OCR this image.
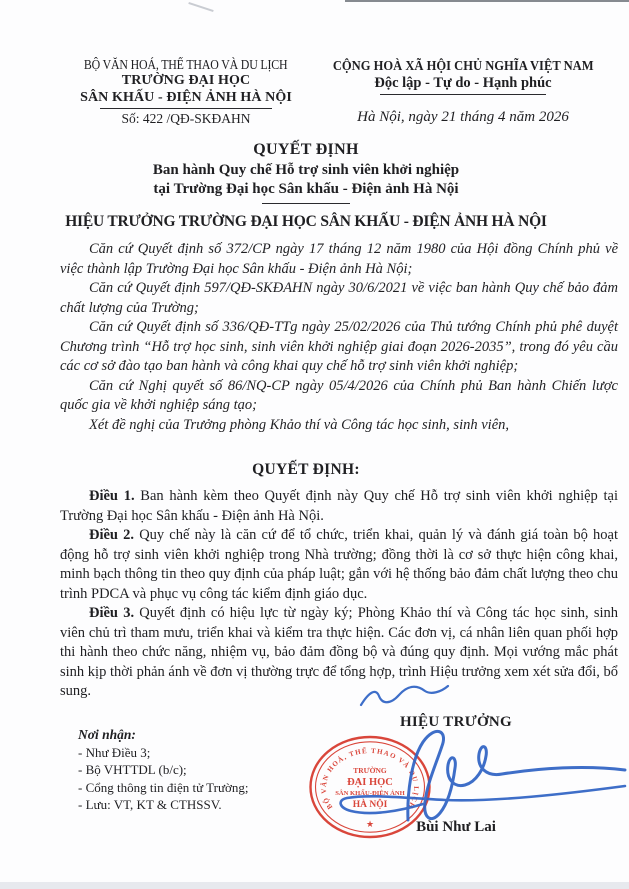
BỘ VĂN HOÁ, THỂ THAO VÀ DU LỊCH
TRƯỜNG ĐẠI HỌC
SÂN KHẤU - ĐIỆN ẢNH HÀ NỘI
Số: 422 /QĐ-SKĐAHN
CỘNG HOÀ XÃ HỘI CHỦ NGHĨA VIỆT NAM
Độc lập - Tự do - Hạnh phúc
Hà Nội, ngày 21 tháng 4 năm 2026
QUYẾT ĐỊNH
Ban hành Quy chế Hỗ trợ sinh viên khởi nghiệp
tại Trường Đại học Sân khấu - Điện ảnh Hà Nội
HIỆU TRƯỞNG TRƯỜNG ĐẠI HỌC SÂN KHẤU - ĐIỆN ẢNH HÀ NỘI

Căn cứ Quyết định số 372/CP ngày 17 tháng 12 năm 1980 của Hội đồng Chính phủ về việc thành lập Trường Đại học Sân khấu - Điện ảnh Hà Nội;

Căn cứ Quyết định 597/QĐ-SKĐAHN ngày 30/6/2021 về việc ban hành Quy chế bảo đảm chất lượng của Trường;

Căn cứ Quyết định số 336/QĐ-TTg ngày 25/02/2026 của Thủ tướng Chính phủ phê duyệt Chương trình “Hỗ trợ học sinh, sinh viên khởi nghiệp giai đoạn 2026-2035”, trong đó yêu cầu các cơ sở đào tạo ban hành và công khai quy chế hỗ trợ sinh viên khởi nghiệp;

Căn cứ Nghị quyết số 86/NQ-CP ngày 05/4/2026 của Chính phủ Ban hành Chiến lược quốc gia về khởi nghiệp sáng tạo;

Xét đề nghị của Trưởng phòng Khảo thí và Công tác học sinh, sinh viên,

QUYẾT ĐỊNH:

Điều 1. Ban hành kèm theo Quyết định này Quy chế Hỗ trợ sinh viên khởi nghiệp tại Trường Đại học Sân khấu - Điện ảnh Hà Nội.

Điều 2. Quy chế này là căn cứ để tổ chức, triển khai, quản lý và đánh giá toàn bộ hoạt động hỗ trợ sinh viên khởi nghiệp trong Nhà trường; đồng thời là cơ sở thực hiện công khai, minh bạch thông tin theo quy định của pháp luật; gắn với hệ thống bảo đảm chất lượng theo chu trình PDCA và phục vụ công tác kiểm định giáo dục.

Điều 3. Quyết định có hiệu lực từ ngày ký; Phòng Khảo thí và Công tác học sinh, sinh viên chủ trì tham mưu, triển khai và kiểm tra thực hiện. Các đơn vị, cá nhân liên quan phối hợp thi hành theo chức năng, nhiệm vụ, bảo đảm đồng bộ và đúng quy định. Mọi vướng mắc phát sinh kịp thời phản ánh về đơn vị thường trực để tổng hợp, trình Hiệu trưởng xem xét sửa đổi, bổ sung.

HIỆU TRƯỞNG
Nơi nhận:
- Như Điều 3;
- Bộ VHTTDL (b/c);
- Cổng thông tin điện tử Trường;
- Lưu: VT, KT & CTHSSV.	BỘ VĂN HOÁ, THỂ THAO VÀ DU LỊCH
TRƯỜNG
ĐẠI HỌC
SÂN KHẤU-ĐIỆN ẢNH
HÀ NỘI
★	Bùi Như Lai
